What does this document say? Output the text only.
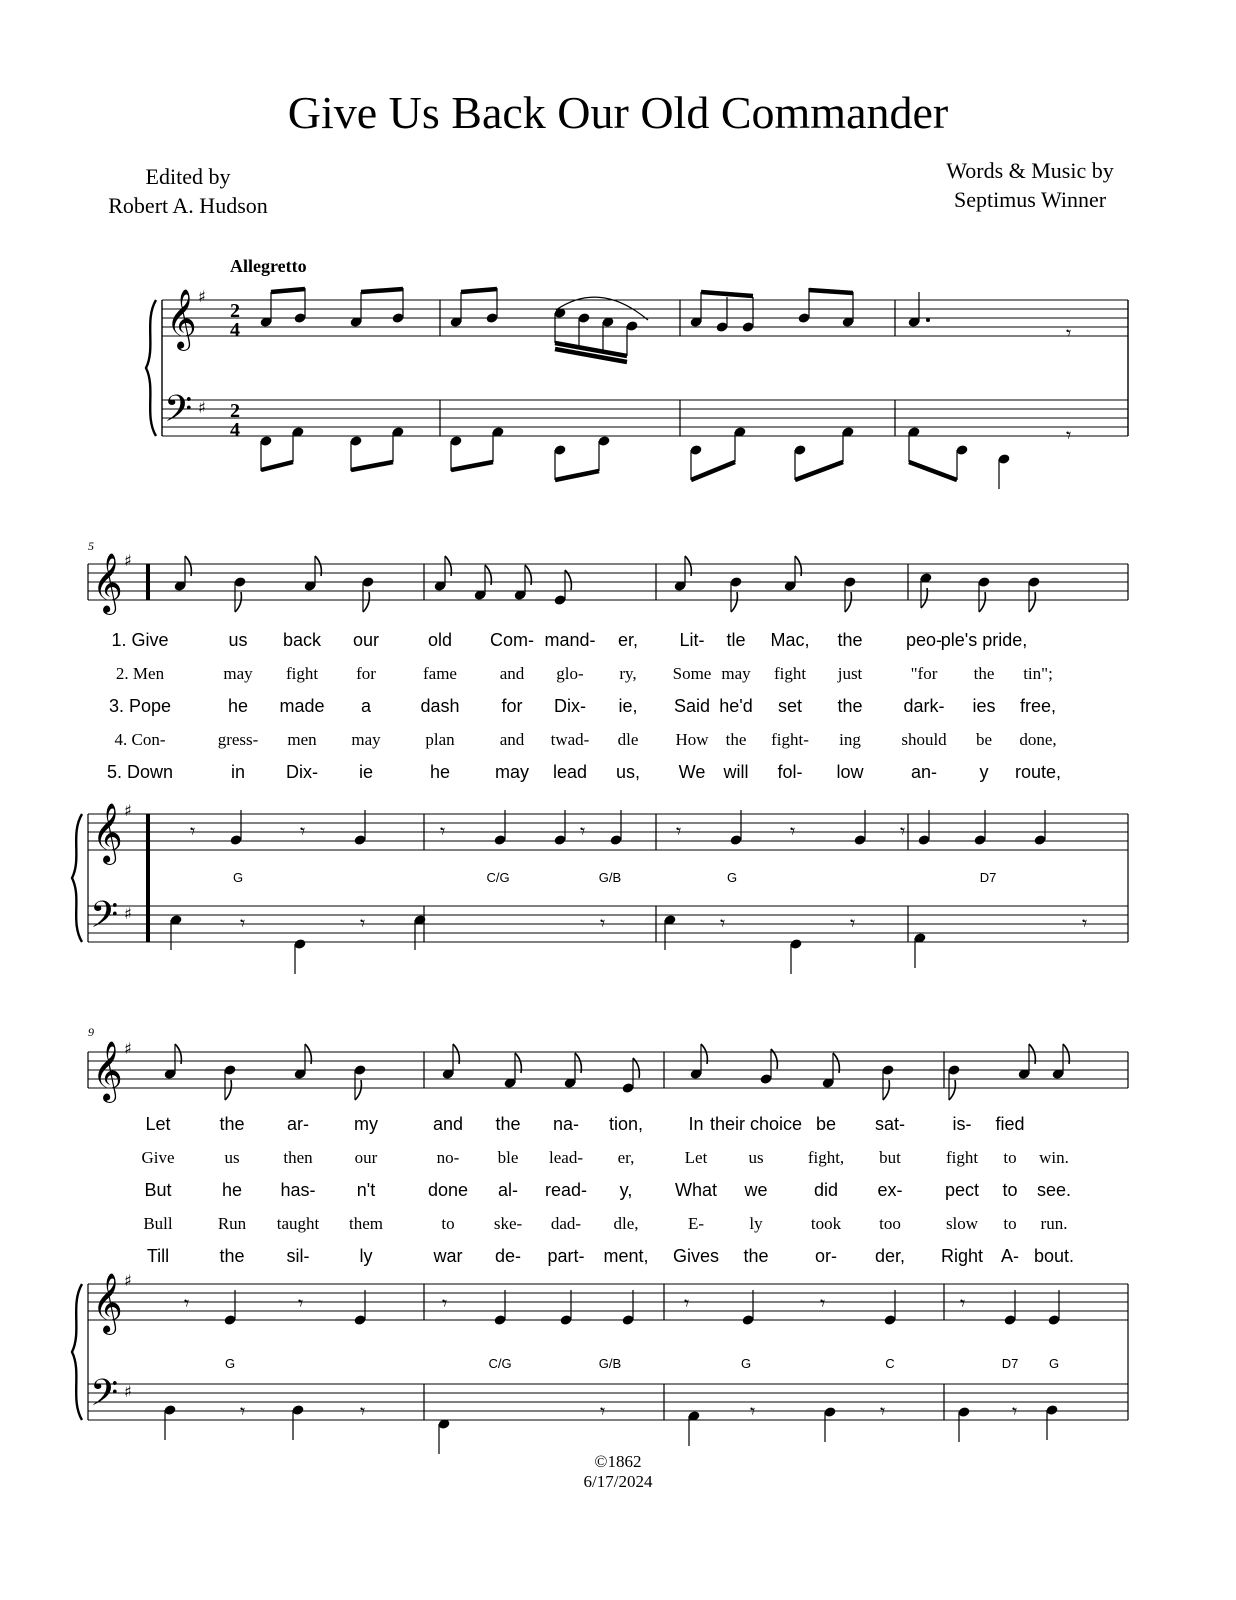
Give Us Back Our Old Commander
Edited by
Robert A. Hudson
Words & Music by
Septimus Winner
Allegretto
𝄞 ♯
𝄢 ♯
2
4
2
4
𝄞 ♯
𝄞 ♯
𝄢 ♯
𝄞 ♯
𝄞 ♯
𝄢 ♯
𝄾
𝄾
𝄾	𝄾	𝄾	𝄾	𝄾	𝄾	𝄾
𝄾	𝄾	𝄾	𝄾	𝄾	𝄾
𝄾	𝄾	𝄾	𝄾	𝄾	𝄾
𝄾	𝄾	𝄾	𝄾	𝄾	𝄾
1. Give	us back our	old Com- mand- er, Lit- tle Mac, the peo-
ple's pride,
2. Men	may fight for	fame	and glo- ry, Some may fight just	"for the tin";
3. Pope	he made a	dash for Dix- ie, Said he'd set the dark- ies free,
4. Con-	gress- men may	plan	and twad- dle How the fight- ing should be done,
5. Down	in Dix- ie	he may lead us, We will fol- low	an- y route,
Let	the ar-	my	and the na- tion,	In their choice be sat-	is- fied
Give	us	then our	no- ble lead- er,	Let us	fight, but	fight to win.
But	he has- n't	done al- read- y, What we	did ex- pect to see.
Bull	Run taught them	to ske- dad- dle,	E-	ly	took too	slow to run.
Till	the sil-	ly	war de- part- ment, Gives the	or- der, Right A- bout.
G	C/G	G/B	G	D7
G	C/G	G/B	G	C	D7 G
5
9
©1862
6/17/2024
